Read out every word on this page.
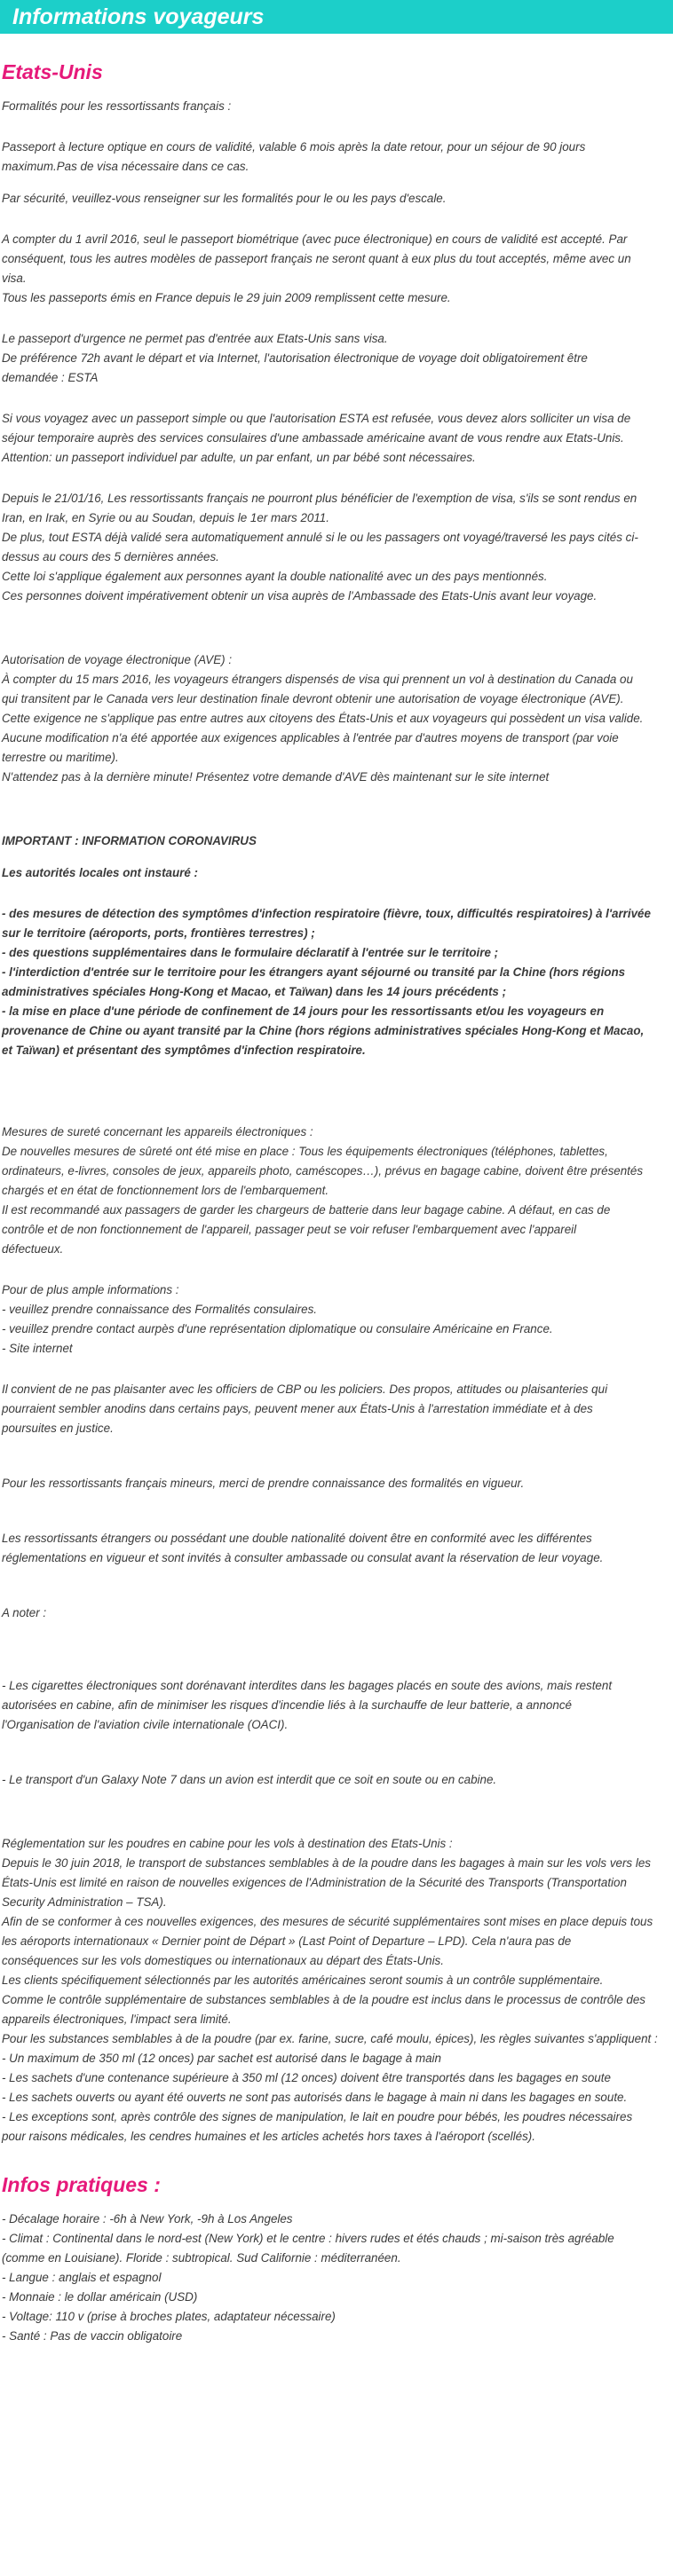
Informations voyageurs
Etats-Unis

Formalités pour les ressortissants français :

Passeport à lecture optique en cours de validité, valable 6 mois après la date retour, pour un séjour de 90 jours

maximum.Pas de visa nécessaire dans ce cas.

Par sécurité, veuillez-vous renseigner sur les formalités pour le ou les pays d'escale.

A compter du 1 avril 2016, seul le passeport biométrique (avec puce électronique) en cours de validité est accepté. Par

conséquent, tous les autres modèles de passeport français ne seront quant à eux plus du tout acceptés, même avec un

visa.

Tous les passeports émis en France depuis le 29 juin 2009 remplissent cette mesure.

Le passeport d'urgence ne permet pas d'entrée aux Etats-Unis sans visa.

De préférence 72h avant le départ et via Internet, l'autorisation électronique de voyage doit obligatoirement être

demandée : ESTA

Si vous voyagez avec un passeport simple ou que l'autorisation ESTA est refusée, vous devez alors solliciter un visa de

séjour temporaire auprès des services consulaires d'une ambassade américaine avant de vous rendre aux Etats-Unis.

Attention: un passeport individuel par adulte, un par enfant, un par bébé sont nécessaires.

Depuis le 21/01/16, Les ressortissants français ne pourront plus bénéficier de l'exemption de visa, s'ils se sont rendus en

Iran, en Irak, en Syrie ou au Soudan, depuis le 1er mars 2011.

De plus, tout ESTA déjà validé sera automatiquement annulé si le ou les passagers ont voyagé/traversé les pays cités ci-

dessus au cours des 5 dernières années.

Cette loi s'applique également aux personnes ayant la double nationalité avec un des pays mentionnés.

Ces personnes doivent impérativement obtenir un visa auprès de l'Ambassade des Etats-Unis avant leur voyage.

Autorisation de voyage électronique (AVE) :

À compter du 15 mars 2016, les voyageurs étrangers dispensés de visa qui prennent un vol à destination du Canada ou

qui transitent par le Canada vers leur destination finale devront obtenir une autorisation de voyage électronique (AVE).

Cette exigence ne s'applique pas entre autres aux citoyens des États-Unis et aux voyageurs qui possèdent un visa valide.

Aucune modification n'a été apportée aux exigences applicables à l'entrée par d'autres moyens de transport (par voie

terrestre ou maritime).

N'attendez pas à la dernière minute! Présentez votre demande d'AVE dès maintenant sur le site internet

IMPORTANT : INFORMATION CORONAVIRUS

Les autorités locales ont instauré :

- des mesures de détection des symptômes d'infection respiratoire (fièvre, toux, difficultés respiratoires) à l'arrivée

sur le territoire (aéroports, ports, frontières terrestres) ;

- des questions supplémentaires dans le formulaire déclaratif à l'entrée sur le territoire ;

- l'interdiction d'entrée sur le territoire pour les étrangers ayant séjourné ou transité par la Chine (hors régions

administratives spéciales Hong-Kong et Macao, et Taïwan) dans les 14 jours précédents ;

- la mise en place d'une période de confinement de 14 jours pour les ressortissants et/ou les voyageurs en

provenance de Chine ou ayant transité par la Chine (hors régions administratives spéciales Hong-Kong et Macao,

et Taïwan) et présentant des symptômes d'infection respiratoire.

Mesures de sureté concernant les appareils électroniques :

De nouvelles mesures de sûreté ont été mise en place : Tous les équipements électroniques (téléphones, tablettes,

ordinateurs, e-livres, consoles de jeux, appareils photo, caméscopes…), prévus en bagage cabine, doivent être présentés

chargés et en état de fonctionnement lors de l'embarquement.

Il est recommandé aux passagers de garder les chargeurs de batterie dans leur bagage cabine. A défaut, en cas de

contrôle et de non fonctionnement de l'appareil, passager peut se voir refuser l'embarquement avec l'appareil

défectueux.

Pour de plus ample informations :

- veuillez prendre connaissance des Formalités consulaires.

- veuillez prendre contact aurpès d'une représentation diplomatique ou consulaire Américaine en France.

- Site internet

Il convient de ne pas plaisanter avec les officiers de CBP ou les policiers. Des propos, attitudes ou plaisanteries qui

pourraient sembler anodins dans certains pays, peuvent mener aux États-Unis à l'arrestation immédiate et à des

poursuites en justice.

Pour les ressortissants français mineurs, merci de prendre connaissance des formalités en vigueur.

Les ressortissants étrangers ou possédant une double nationalité doivent être en conformité avec les différentes

réglementations en vigueur et sont invités à consulter ambassade ou consulat avant la réservation de leur voyage.

A noter :

- Les cigarettes électroniques sont dorénavant interdites dans les bagages placés en soute des avions, mais restent

autorisées en cabine, afin de minimiser les risques d'incendie liés à la surchauffe de leur batterie, a annoncé

l'Organisation de l'aviation civile internationale (OACI).

- Le transport d'un Galaxy Note 7 dans un avion est interdit que ce soit en soute ou en cabine.

Réglementation sur les poudres en cabine pour les vols à destination des Etats-Unis :

Depuis le 30 juin 2018, le transport de substances semblables à de la poudre dans les bagages à main sur les vols vers les

États-Unis est limité en raison de nouvelles exigences de l'Administration de la Sécurité des Transports (Transportation

Security Administration – TSA).

Afin de se conformer à ces nouvelles exigences, des mesures de sécurité supplémentaires sont mises en place depuis tous

les aéroports internationaux « Dernier point de Départ » (Last Point of Departure – LPD). Cela n'aura pas de

conséquences sur les vols domestiques ou internationaux au départ des États-Unis.

Les clients spécifiquement sélectionnés par les autorités américaines seront soumis à un contrôle supplémentaire.

Comme le contrôle supplémentaire de substances semblables à de la poudre est inclus dans le processus de contrôle des

appareils électroniques, l'impact sera limité.

Pour les substances semblables à de la poudre (par ex. farine, sucre, café moulu, épices), les règles suivantes s'appliquent :

- Un maximum de 350 ml (12 onces) par sachet est autorisé dans le bagage à main

- Les sachets d'une contenance supérieure à 350 ml (12 onces) doivent être transportés dans les bagages en soute

- Les sachets ouverts ou ayant été ouverts ne sont pas autorisés dans le bagage à main ni dans les bagages en soute.

- Les exceptions sont, après contrôle des signes de manipulation, le lait en poudre pour bébés, les poudres nécessaires

pour raisons médicales, les cendres humaines et les articles achetés hors taxes à l'aéroport (scellés).

Infos pratiques :

- Décalage horaire : -6h à New York, -9h à Los Angeles

- Climat : Continental dans le nord-est (New York) et le centre : hivers rudes et étés chauds ; mi-saison très agréable

(comme en Louisiane). Floride : subtropical. Sud Californie : méditerranéen.

- Langue : anglais et espagnol

- Monnaie : le dollar américain (USD)

- Voltage: 110 v (prise à broches plates, adaptateur nécessaire)

- Santé : Pas de vaccin obligatoire
